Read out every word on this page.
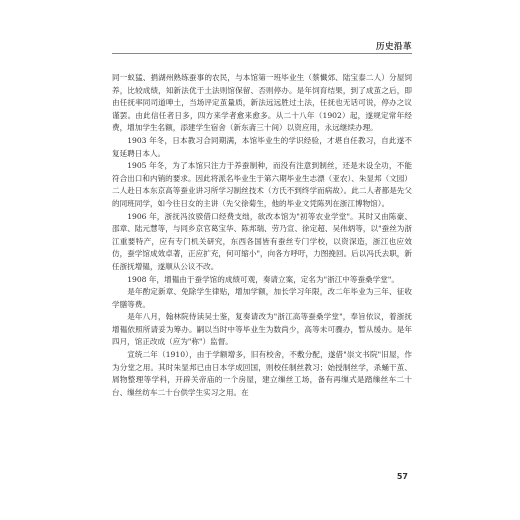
历史沿革

同一蚁猛、捐湖州熟练蚕事的农民，与本馆第一班毕业生（蔡懴郊、陆宝泰二人）分屋饲养，比较成绩，知新法优于土法则馆保留、否则停办。是年饲育结果，到了成茧之后，即由任抚率同司道呻土，当场评定茧量质，新法远远胜过土法，任抚也无话可说，停办之议谨罢。由此信任者日多，四方来学者愈来愈多。从二十八年（1902）起，遂规定常年经费，增加学生名额，添建学生宿舍（新东斋三十间）以资应用，永远继续办理。

1903 年冬，日本教习合同期满，本馆毕业生的学识经验，才堪自任教习，自此遂不复延聘日本人。

1905 年冬，为了本馆只注力于养蚕制种，而没有注意到制丝，还是未设全功，不能符合出口和内销的要求。因此将派名毕业生于第六期毕业生志漂（亚农）、朱显邦（文园）二人赴日本东京高等蚕业讲习所学习制丝技术（方氏不到终学而病故）。此二人者都是先父的同班同学，如今往日女的主讲（先父徐菊生，他的毕业文凭陈列在浙江博物馆）。

1906 年，浙抚冯汝骙借口经费支绌，欲改本馆为"初等农业学堂"。其时又由陈豪、邵章、陆元慧等，与同乡京官葛宝华、陈邦瑞、劳乃宣、徐定超、吴伟炳等，以"蚕丝为浙江重要特产，应有专门机关研究，东西各国皆有蚕丝专门学校，以资深造，浙江也应效仿，蚕学馆成效卓著，正应扩充，何可缩小"，向各方呼吁，力图挽回。后以冯氏去职，新任浙抚增韫，遂顺从公议不改。

1908 年，增韫由于蚕学馆的成绩可观，奏请立案，定名为"浙江中等蚕桑学堂"。

是年酌定新章、免除学生律贴，增加学额，加长学习年限，改二年毕业为三年、征收学膳等费。

是年八月，翰林院侍读吴士鉴，复奏请改为"浙江高等蚕桑学堂"，奉旨依议，着浙抚增韫依照所请妥为筹办。嗣以当时中等毕业生为数尚少，高等未可骤办，暂从缓办。是年四月，馆正改成（应为"称"）监督。

宣统二年（1910），由于学额增多，旧有校舍，不敷分配，遂借"崇文书院"旧屋，作为分堂之用。其时朱显邦已由日本学成回国，则校任制丝教习；始授制丝学，杀蛹干茧、屑物整理等学科，开辟关帝庙的一个房屋，建立缫丝工场，备有再缫式是踏缫丝车二十台、缫丝纺车二十台供学生实习之用。在

57
